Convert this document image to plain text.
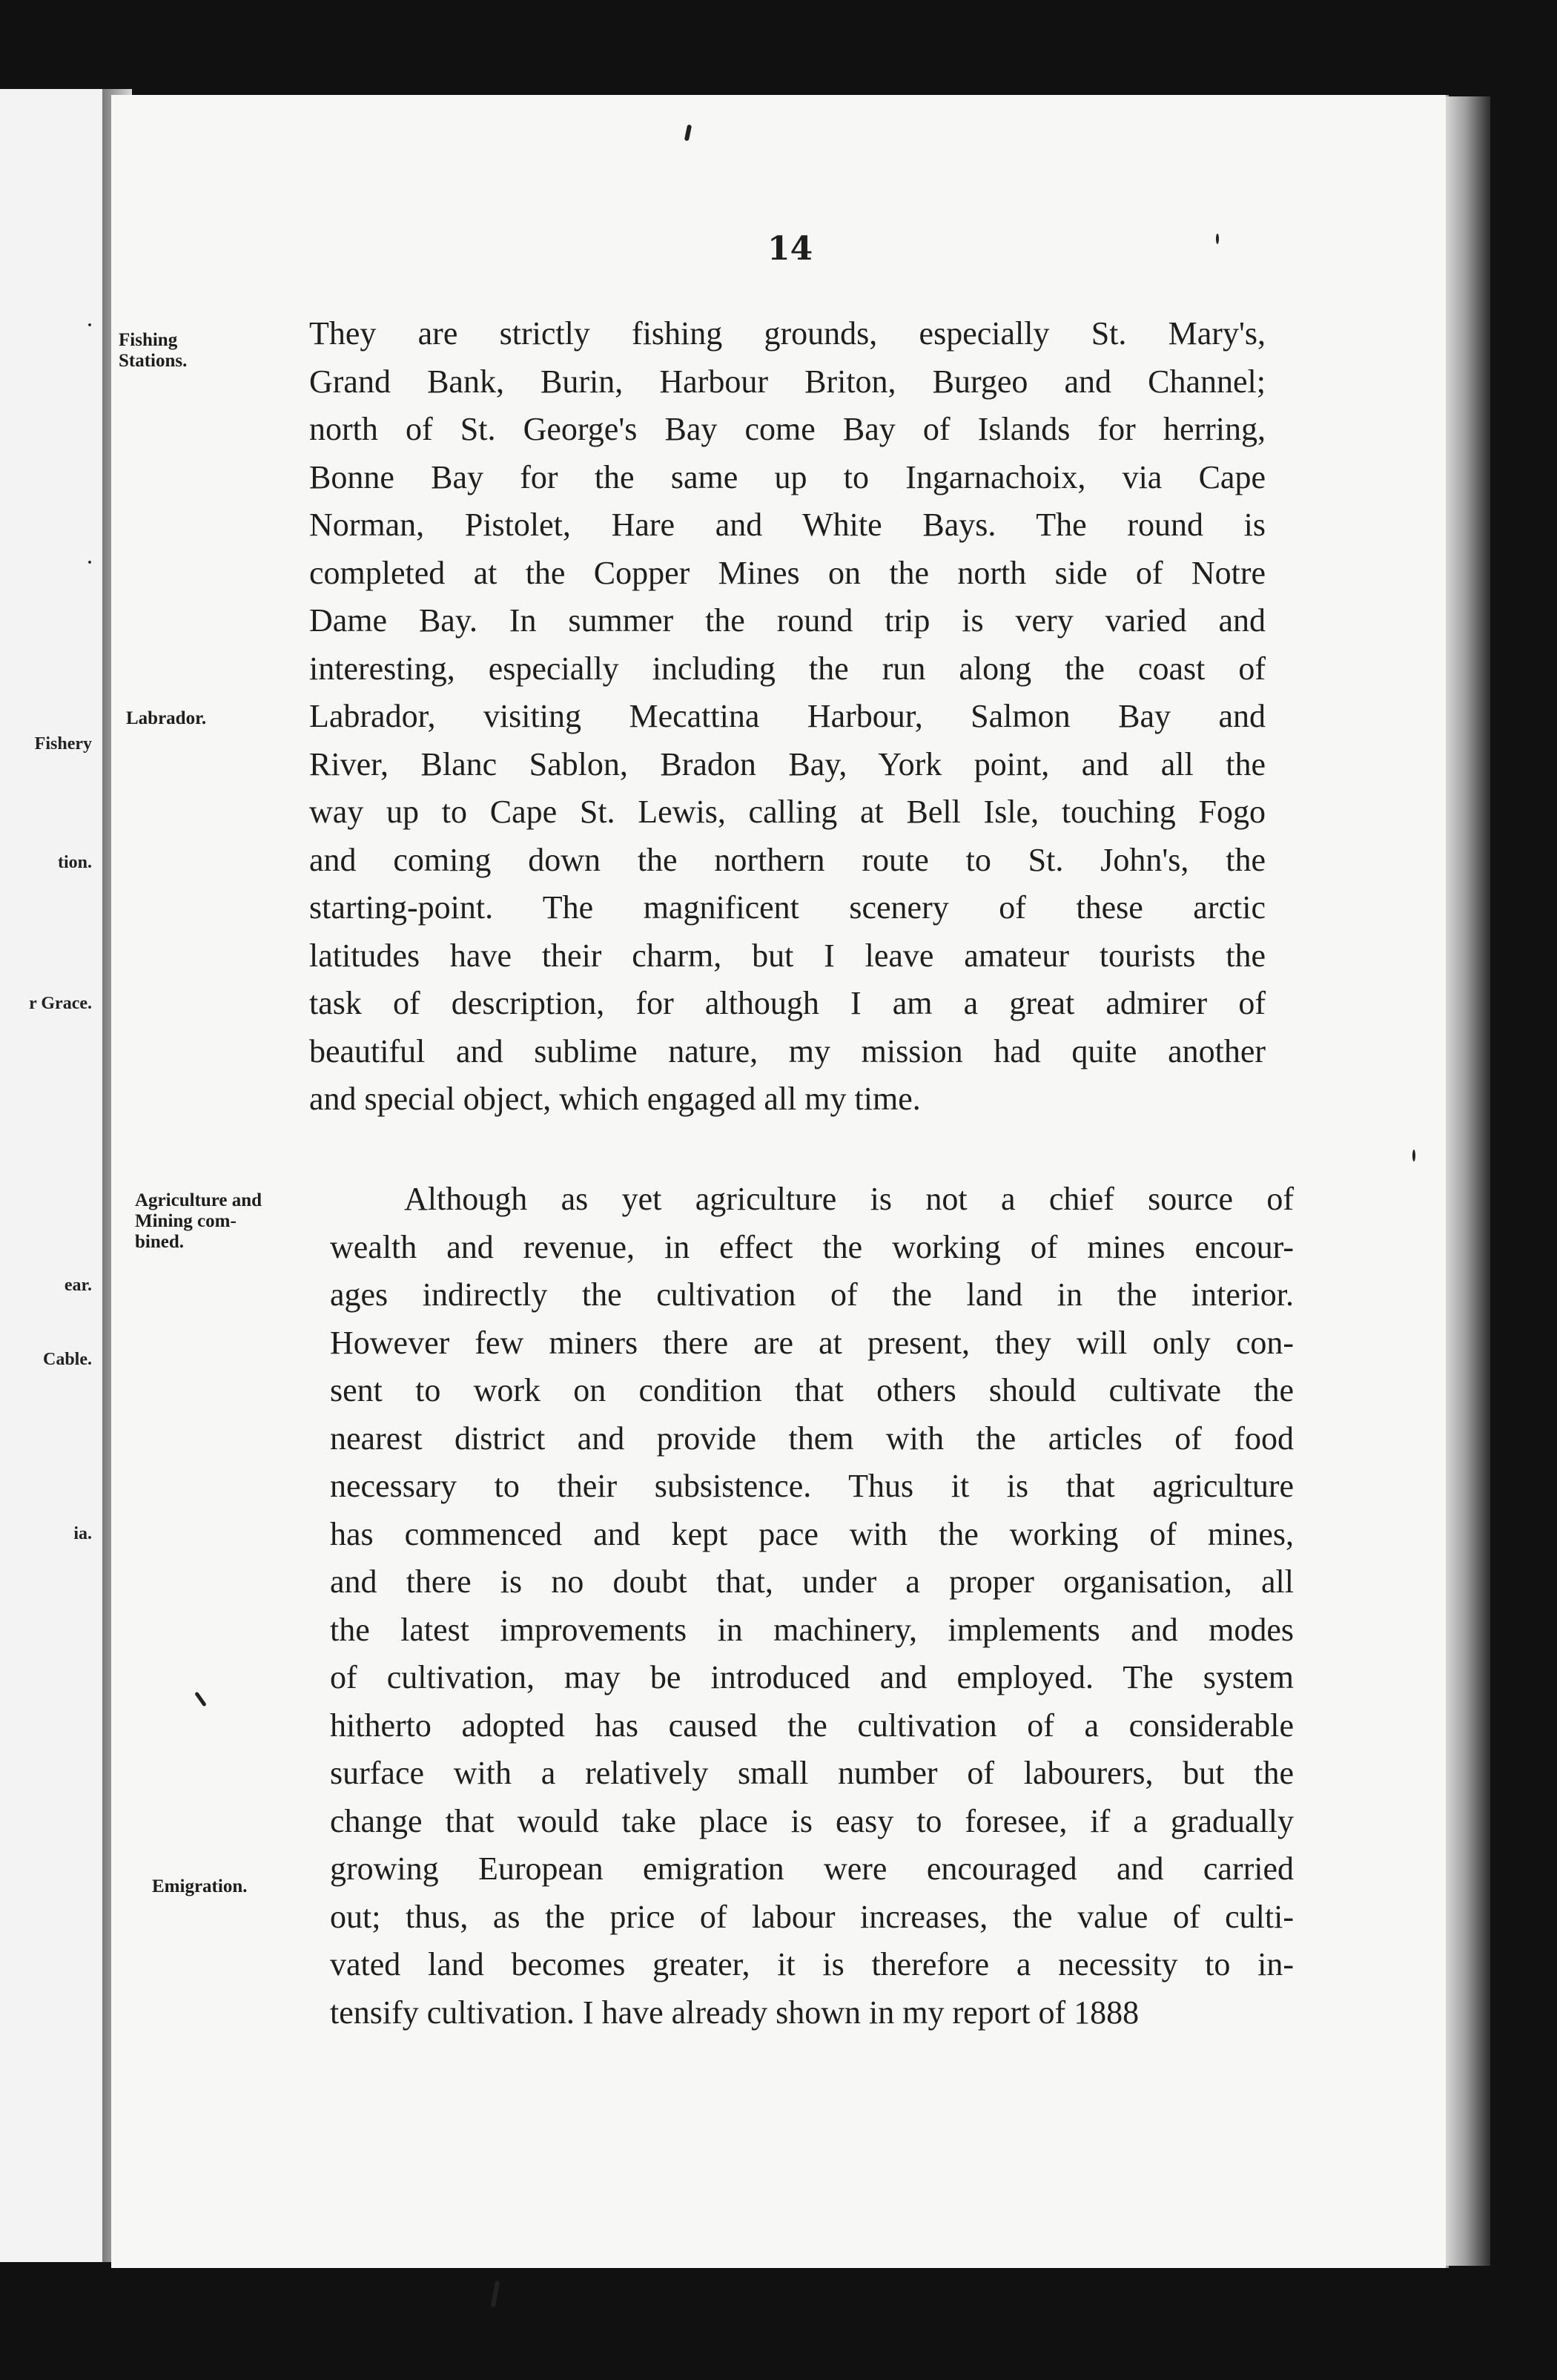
.
.
Fishery
tion.
r Grace.
ear.
Cable.
ia.
14
Fishing
Stations.
Labrador.
Agriculture and
Mining com-
bined.
Emigration.
They are strictly fishing grounds, especially St. Mary's,
Grand Bank, Burin, Harbour Briton, Burgeo and Channel;
north of St. George's Bay come Bay of Islands for herring,
Bonne Bay for the same up to Ingarnachoix, via Cape
Norman, Pistolet, Hare and White Bays. The round is
completed at the Copper Mines on the north side of Notre
Dame Bay. In summer the round trip is very varied and
interesting, especially including the run along the coast of
Labrador, visiting Mecattina Harbour, Salmon Bay and
River, Blanc Sablon, Bradon Bay, York point, and all the
way up to Cape St. Lewis, calling at Bell Isle, touching Fogo
and coming down the northern route to St. John's, the
starting-point. The magnificent scenery of these arctic
latitudes have their charm, but I leave amateur tourists the
task of description, for although I am a great admirer of
beautiful and sublime nature, my mission had quite another
and special object, which engaged all my time.
Although as yet agriculture is not a chief source of
wealth and revenue, in effect the working of mines encour-
ages indirectly the cultivation of the land in the interior.
However few miners there are at present, they will only con-
sent to work on condition that others should cultivate the
nearest district and provide them with the articles of food
necessary to their subsistence. Thus it is that agriculture
has commenced and kept pace with the working of mines,
and there is no doubt that, under a proper organisation, all
the latest improvements in machinery, implements and modes
of cultivation, may be introduced and employed. The system
hitherto adopted has caused the cultivation of a considerable
surface with a relatively small number of labourers, but the
change that would take place is easy to foresee, if a gradually
growing European emigration were encouraged and carried
out; thus, as the price of labour increases, the value of culti-
vated land becomes greater, it is therefore a necessity to in-
tensify cultivation. I have already shown in my report of 1888
